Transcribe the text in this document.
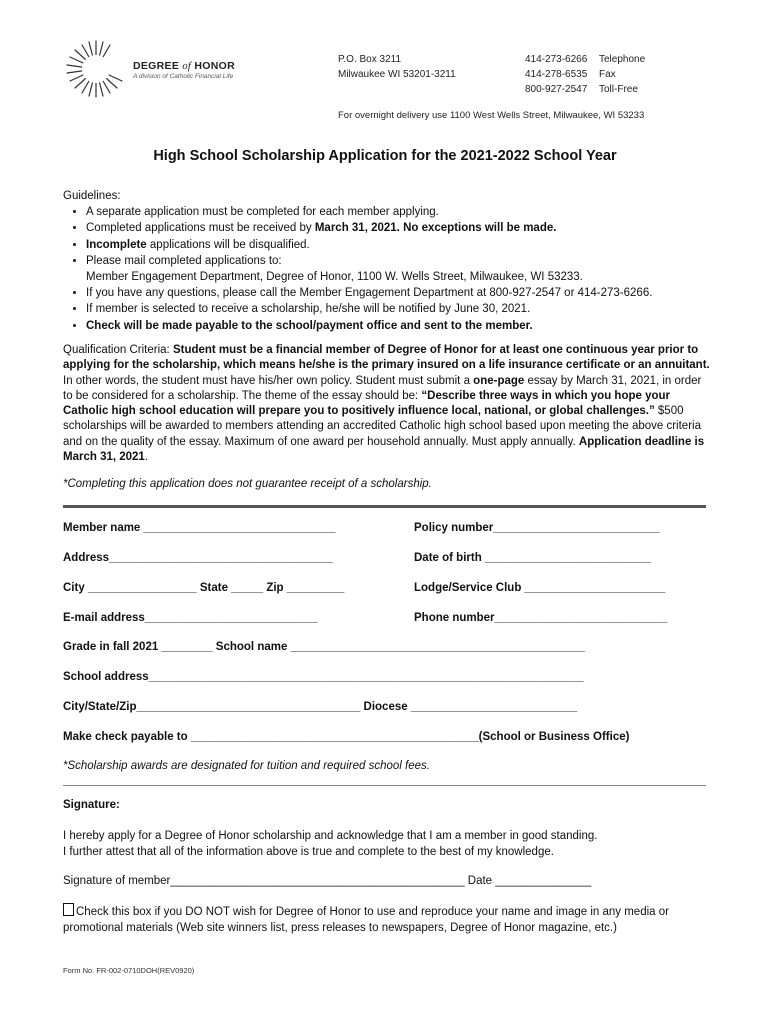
DEGREE of HONOR
A division of Catholic Financial Life
P.O. Box 3211
Milwaukee WI 53201-3211
414-273-6266 Telephone
414-278-6535 Fax
800-927-2547 Toll-Free
For overnight delivery use 1100 West Wells Street, Milwaukee, WI 53233
High School Scholarship Application for the 2021-2022 School Year
Guidelines:
• A separate application must be completed for each member applying.
• Completed applications must be received by March 31, 2021. No exceptions will be made.
• Incomplete applications will be disqualified.
• Please mail completed applications to:
Member Engagement Department, Degree of Honor, 1100 W. Wells Street, Milwaukee, WI 53233.
• If you have any questions, please call the Member Engagement Department at 800-927-2547 or 414-273-6266.
• If member is selected to receive a scholarship, he/she will be notified by June 30, 2021.
• Check will be made payable to the school/payment office and sent to the member.
Qualification Criteria: Student must be a financial member of Degree of Honor for at least one continuous year prior to applying for the scholarship, which means he/she is the primary insured on a life insurance certificate or an annuitant. In other words, the student must have his/her own policy. Student must submit a one-page essay by March 31, 2021, in order to be considered for a scholarship. The theme of the essay should be: “Describe three ways in which you hope your Catholic high school education will prepare you to positively influence local, national, or global challenges.” $500 scholarships will be awarded to members attending an accredited Catholic high school based upon meeting the above criteria and on the quality of the essay. Maximum of one award per household annually. Must apply annually. Application deadline is March 31, 2021.
*Completing this application does not guarantee receipt of a scholarship.
Member name ______________________________	Policy number__________________________
Address___________________________________	Date of birth __________________________
City _________________ State _____ Zip _________	Lodge/Service Club ______________________
E-mail address___________________________	Phone number___________________________
Grade in fall 2021 ________ School name ______________________________________________
School address____________________________________________________________________
City/State/Zip___________________________________ Diocese __________________________
Make check payable to _____________________________________________(School or Business Office)
*Scholarship awards are designated for tuition and required school fees.
Signature:
I hereby apply for a Degree of Honor scholarship and acknowledge that I am a member in good standing.
I further attest that all of the information above is true and complete to the best of my knowledge.
Signature of member______________________________________________ Date _______________
Check this box if you DO NOT wish for Degree of Honor to use and reproduce your name and image in any media or promotional materials (Web site winners list, press releases to newspapers, Degree of Honor magazine, etc.)
Form No. FR-002-0710DOH(REV0920)
